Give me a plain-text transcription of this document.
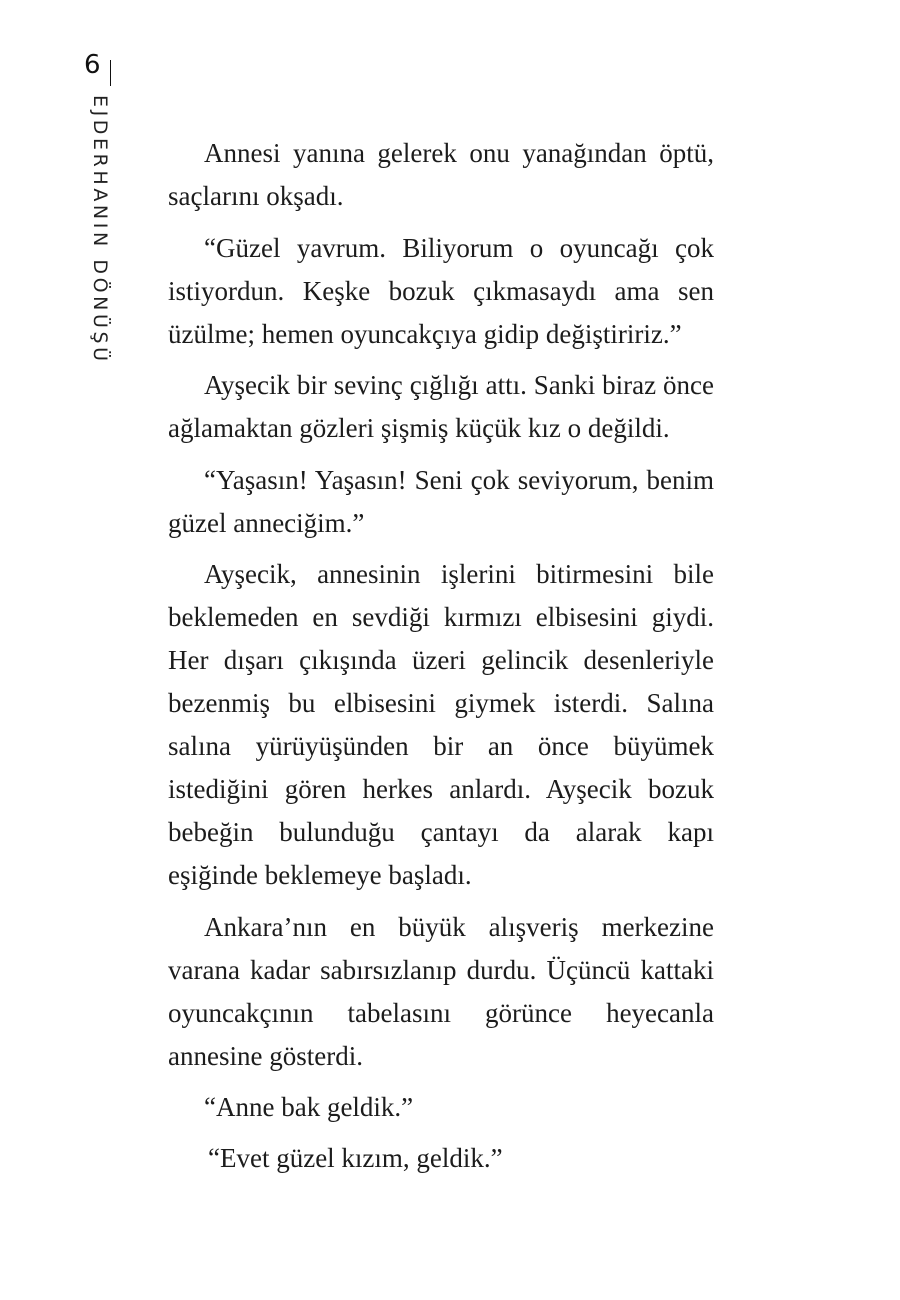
6
EJDERHANIN DÖNÜŞÜ	Annesi yanına gelerek onu yanağından öptü, saçlarını okşadı.

“Güzel yavrum. Biliyorum o oyuncağı çok istiyordun. Keşke bozuk çıkmasaydı ama sen üzülme; hemen oyuncakçıya gidip değiştiririz.”

Ayşecik bir sevinç çığlığı attı. Sanki biraz önce ağlamaktan gözleri şişmiş küçük kız o değildi.

“Yaşasın! Yaşasın! Seni çok seviyorum, benim güzel anneciğim.”

Ayşecik, annesinin işlerini bitirmesini bile beklemeden en sevdiği kırmızı elbisesini giydi. Her dışarı çıkışında üzeri gelincik desenleriyle bezenmiş bu elbisesini giymek isterdi. Salına salına yürüyüşünden bir an önce büyümek istediğini gören herkes anlardı. Ayşecik bozuk bebeğin bulunduğu çantayı da alarak kapı eşiğinde beklemeye başladı.

Ankara’nın en büyük alışveriş merkezine varana kadar sabırsızlanıp durdu. Üçüncü kattaki oyuncakçının tabelasını görünce heyecanla annesine gösterdi.

“Anne bak geldik.”

“Evet güzel kızım, geldik.”
